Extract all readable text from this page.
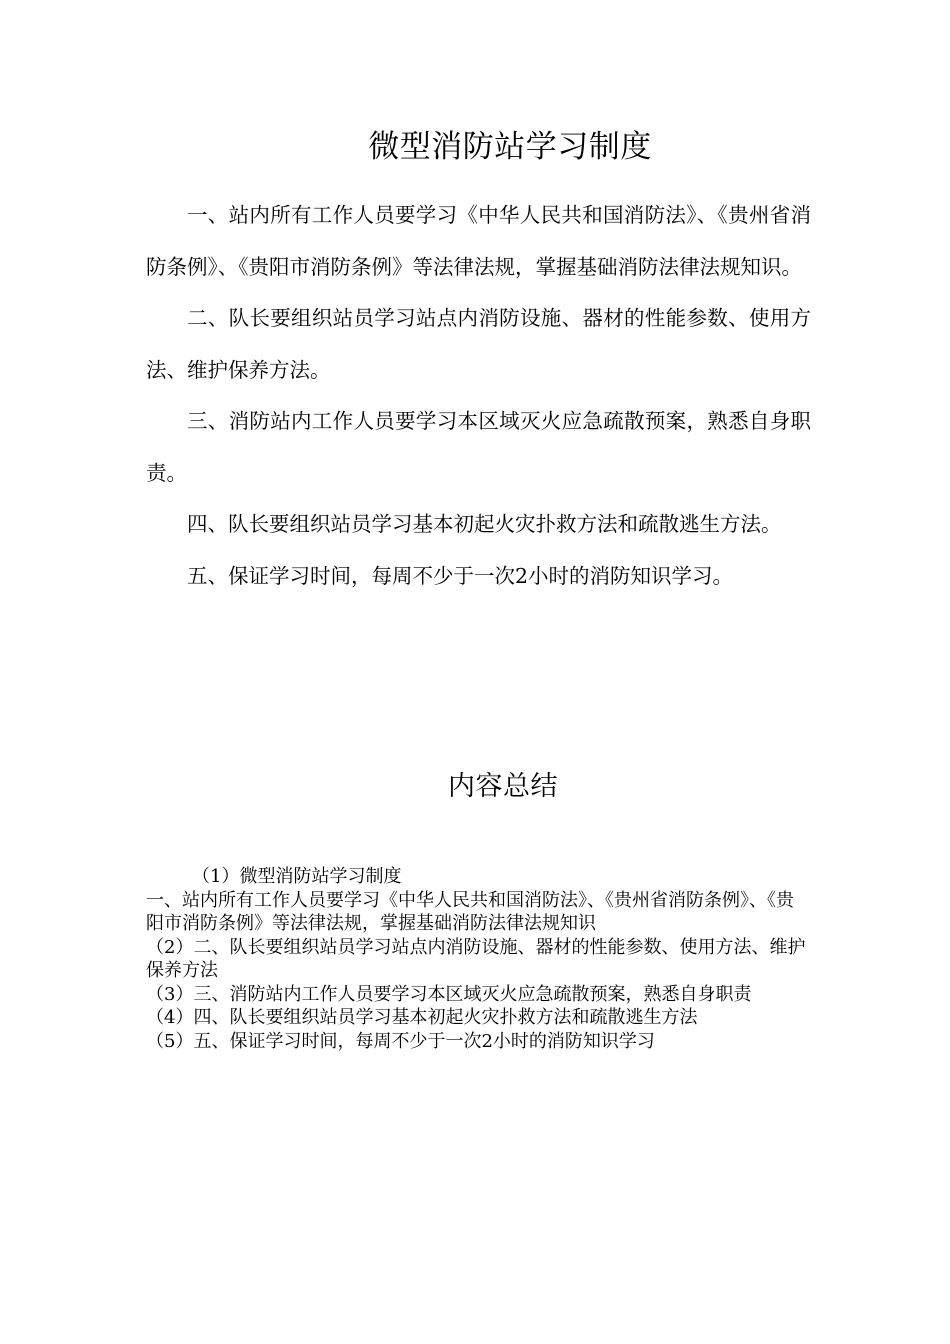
微型消防站学习制度

一、站内所有工作人员要学习《中华人民共和国消防法》、《贵州省消防条例》、《贵阳市消防条例》等法律法规，掌握基础消防法律法规知识。

二、队长要组织站员学习站点内消防设施、器材的性能参数、使用方法、维护保养方法。

三、消防站内工作人员要学习本区域灭火应急疏散预案，熟悉自身职责。

四、队长要组织站员学习基本初起火灾扑救方法和疏散逃生方法。

五、保证学习时间，每周不少于一次2小时的消防知识学习。

内容总结

（1）微型消防站学习制度

一、站内所有工作人员要学习《中华人民共和国消防法》、《贵州省消防条例》、《贵阳市消防条例》等法律法规，掌握基础消防法律法规知识

（2）二、队长要组织站员学习站点内消防设施、器材的性能参数、使用方法、维护保养方法

（3）三、消防站内工作人员要学习本区域灭火应急疏散预案，熟悉自身职责

（4）四、队长要组织站员学习基本初起火灾扑救方法和疏散逃生方法

（5）五、保证学习时间，每周不少于一次2小时的消防知识学习
